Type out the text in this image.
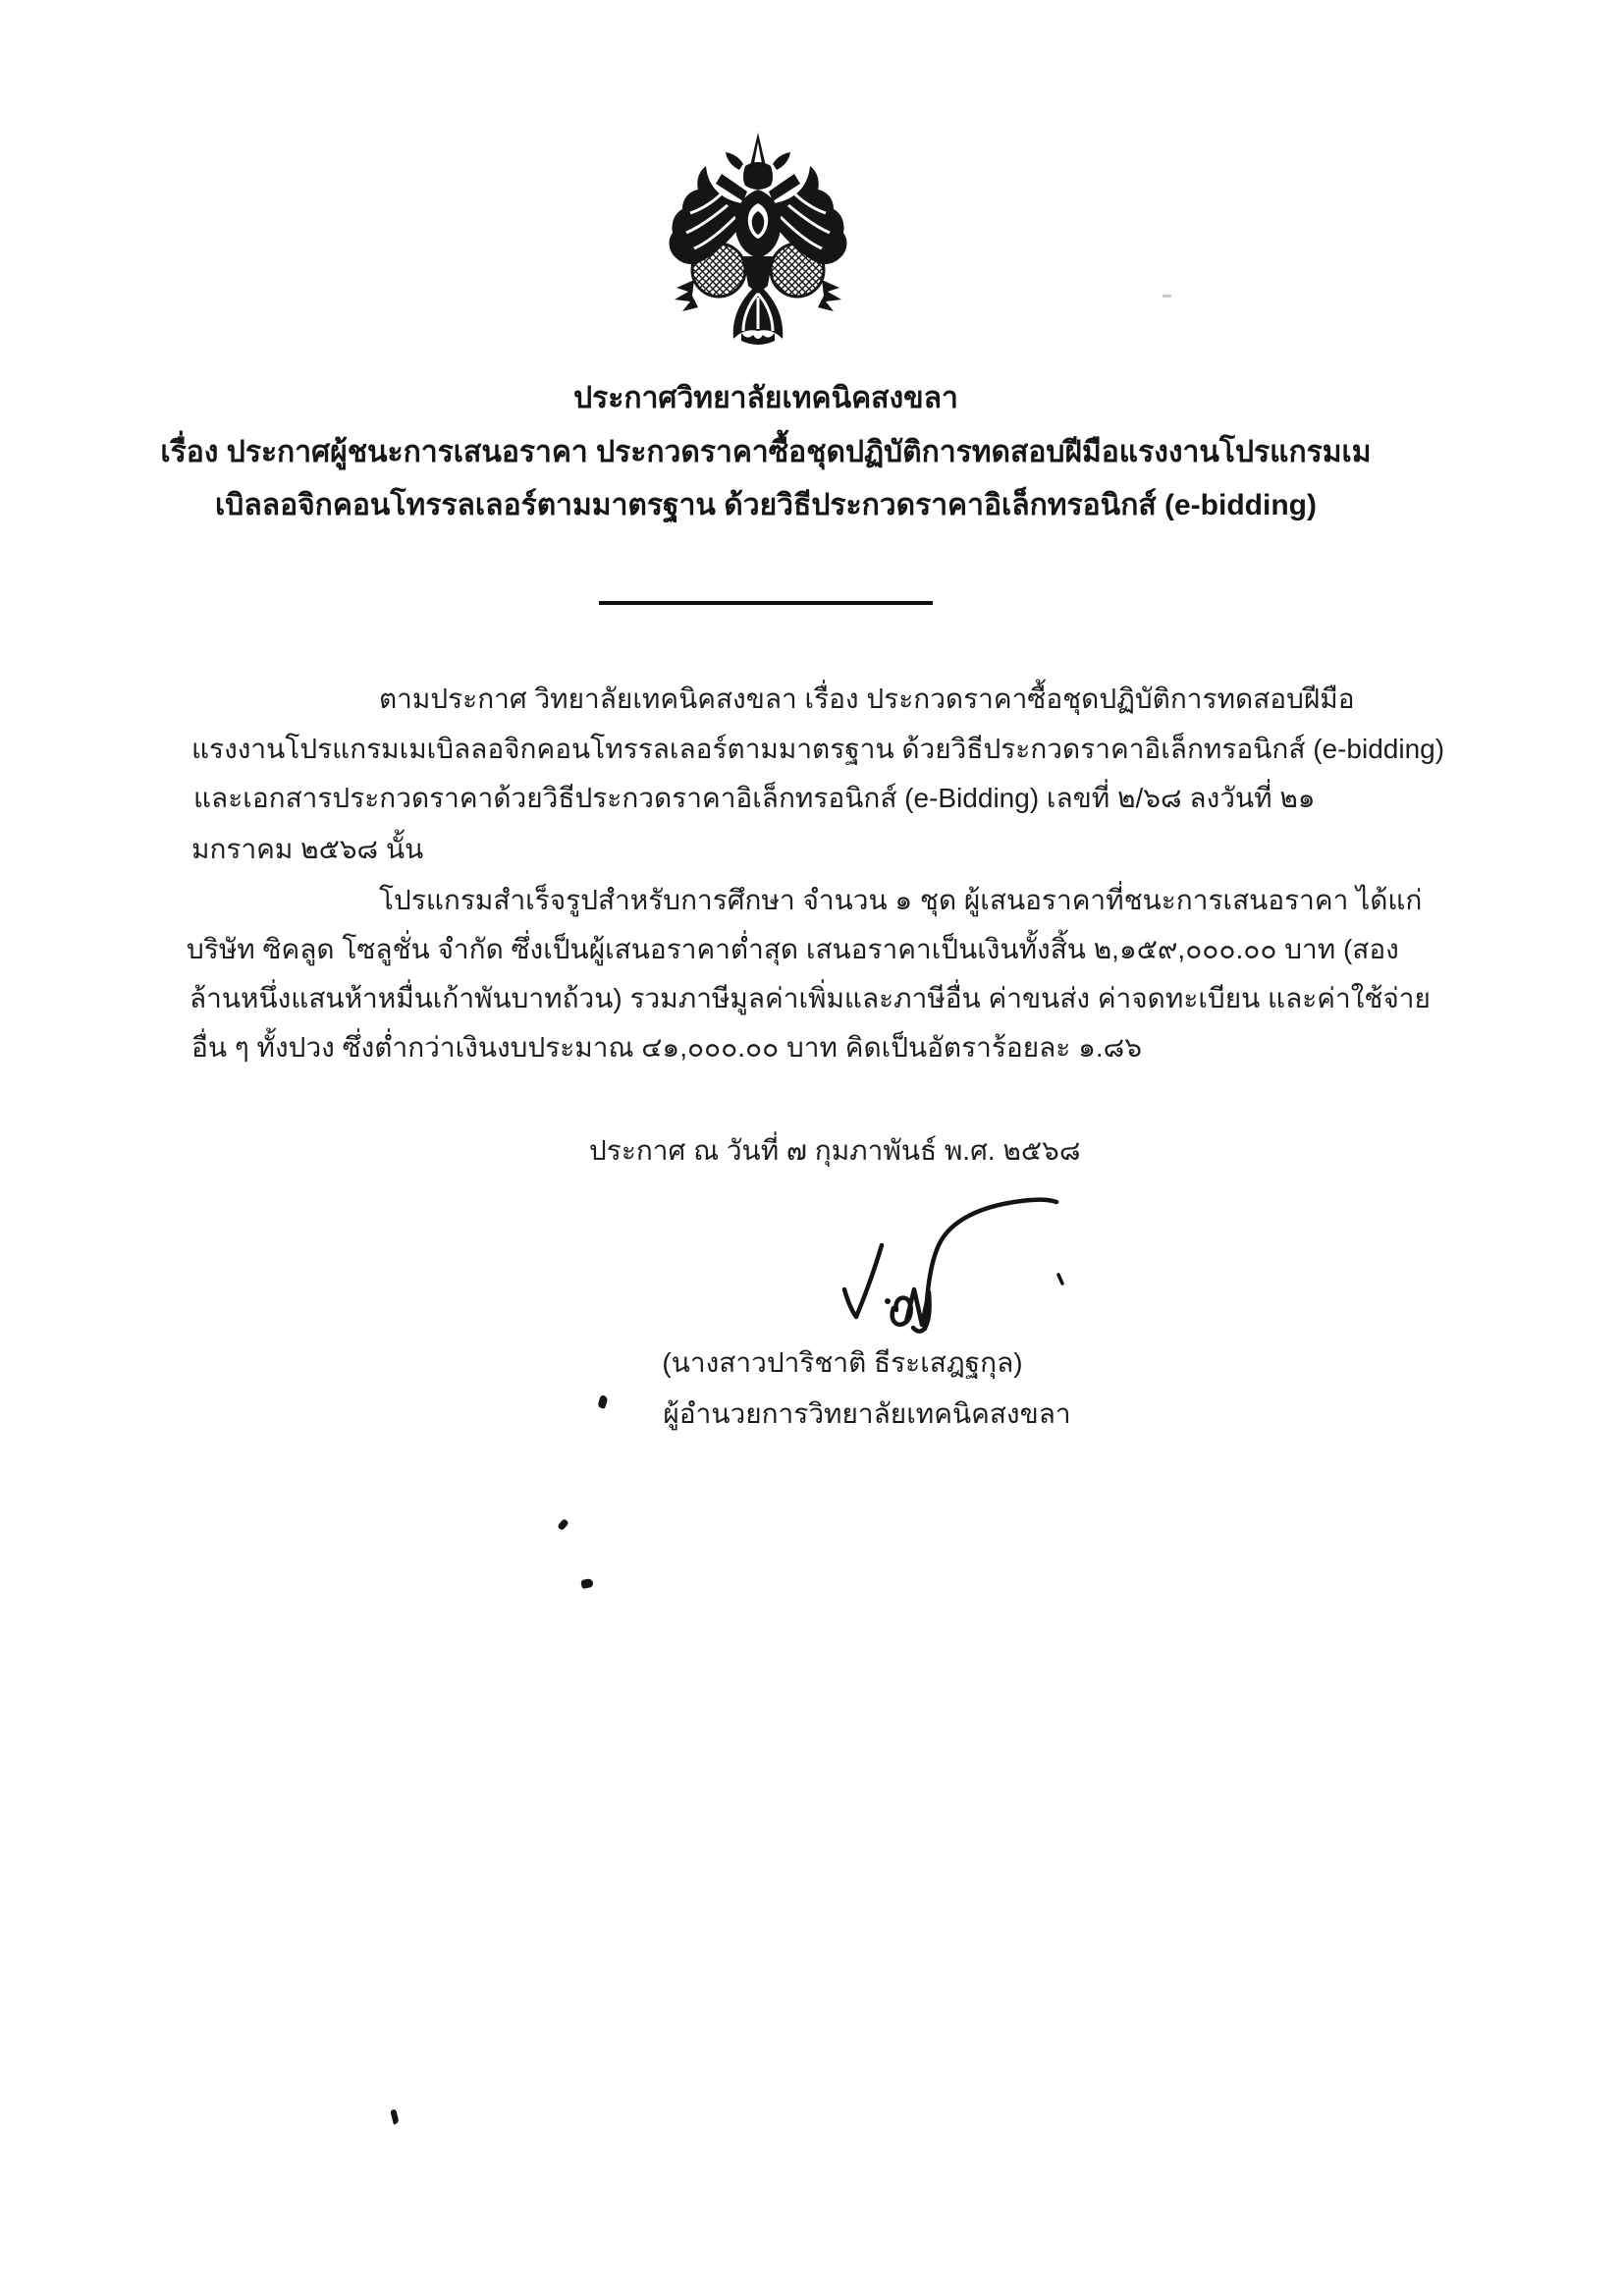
ประกาศวิทยาลัยเทคนิคสงขลา
เรื่อง ประกาศผู้ชนะการเสนอราคา ประกวดราคาซื้อชุดปฏิบัติการทดสอบฝีมือแรงงานโปรแกรมเม
เบิลลอจิกคอนโทรรลเลอร์ตามมาตรฐาน ด้วยวิธีประกวดราคาอิเล็กทรอนิกส์ (e-bidding)
ตามประกาศ วิทยาลัยเทคนิคสงขลา เรื่อง ประกวดราคาซื้อชุดปฏิบัติการทดสอบฝีมือ
แรงงานโปรแกรมเมเบิลลอจิกคอนโทรรลเลอร์ตามมาตรฐาน ด้วยวิธีประกวดราคาอิเล็กทรอนิกส์ (e-bidding)
และเอกสารประกวดราคาด้วยวิธีประกวดราคาอิเล็กทรอนิกส์ (e-Bidding) เลขที่ ๒/๖๘ ลงวันที่ ๒๑
มกราคม ๒๕๖๘ นั้น
โปรแกรมสำเร็จรูปสำหรับการศึกษา จำนวน ๑ ชุด ผู้เสนอราคาที่ชนะการเสนอราคา ได้แก่
บริษัท ซิคลูด โซลูชั่น จำกัด ซึ่งเป็นผู้เสนอราคาต่ำสุด เสนอราคาเป็นเงินทั้งสิ้น ๒,๑๕๙,๐๐๐.๐๐ บาท (สอง
ล้านหนึ่งแสนห้าหมื่นเก้าพันบาทถ้วน) รวมภาษีมูลค่าเพิ่มและภาษีอื่น ค่าขนส่ง ค่าจดทะเบียน และค่าใช้จ่าย
อื่น ๆ ทั้งปวง ซึ่งต่ำกว่าเงินงบประมาณ ๔๑,๐๐๐.๐๐ บาท คิดเป็นอัตราร้อยละ ๑.๘๖
ประกาศ ณ วันที่ ๗ กุมภาพันธ์ พ.ศ. ๒๕๖๘
(นางสาวปาริชาติ ธีระเสฎฐกุล)
ผู้อำนวยการวิทยาลัยเทคนิคสงขลา
